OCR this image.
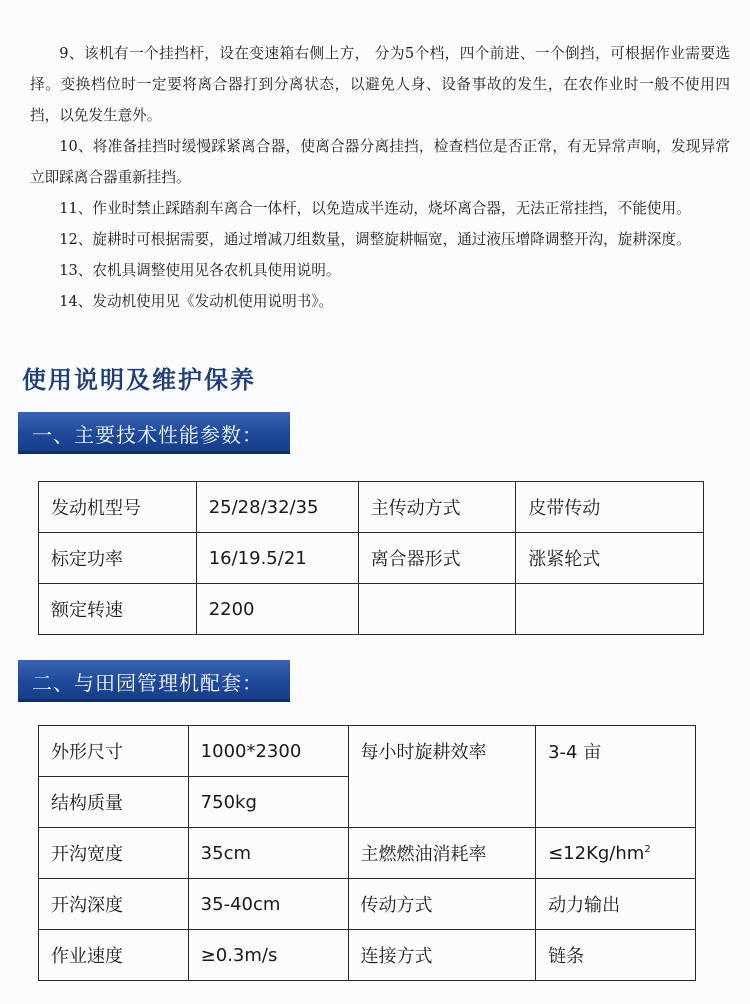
9、该机有一个挂挡杆，设在变速箱右侧上方， 分为5个档，四个前进、一个倒挡，可根据作业需要选择。变换档位时一定要将离合器打到分离状态，以避免人身、设备事故的发生，在农作业时一般不使用四挡，以免发生意外。

10、将准备挂挡时缓慢踩紧离合器，使离合器分离挂挡，检查档位是否正常，有无异常声响，发现异常立即踩离合器重新挂挡。

11、作业时禁止踩踏刹车离合一体杆，以免造成半连动，烧坏离合器，无法正常挂挡，不能使用。

12、旋耕时可根据需要，通过增减刀组数量，调整旋耕幅宽，通过液压增降调整开沟，旋耕深度。

13、农机具调整使用见各农机具使用说明。

14、发动机使用见《发动机使用说明书》。

使用说明及维护保养
一、主要技术性能参数：
发动机型号	25/28/32/35	主传动方式	皮带传动
标定功率	16/19.5/21	离合器形式	涨紧轮式
额定转速	2200		
二、与田园管理机配套：
外形尺寸	1000*2300	每小时旋耕效率	3-4 亩
结构质量	750kg		
开沟宽度	35cm	主燃燃油消耗率	$\le 12Kg/hm^2$
开沟深度	35-40cm	传动方式	动力输出
作业速度	≥0.3m/s	连接方式	链条
